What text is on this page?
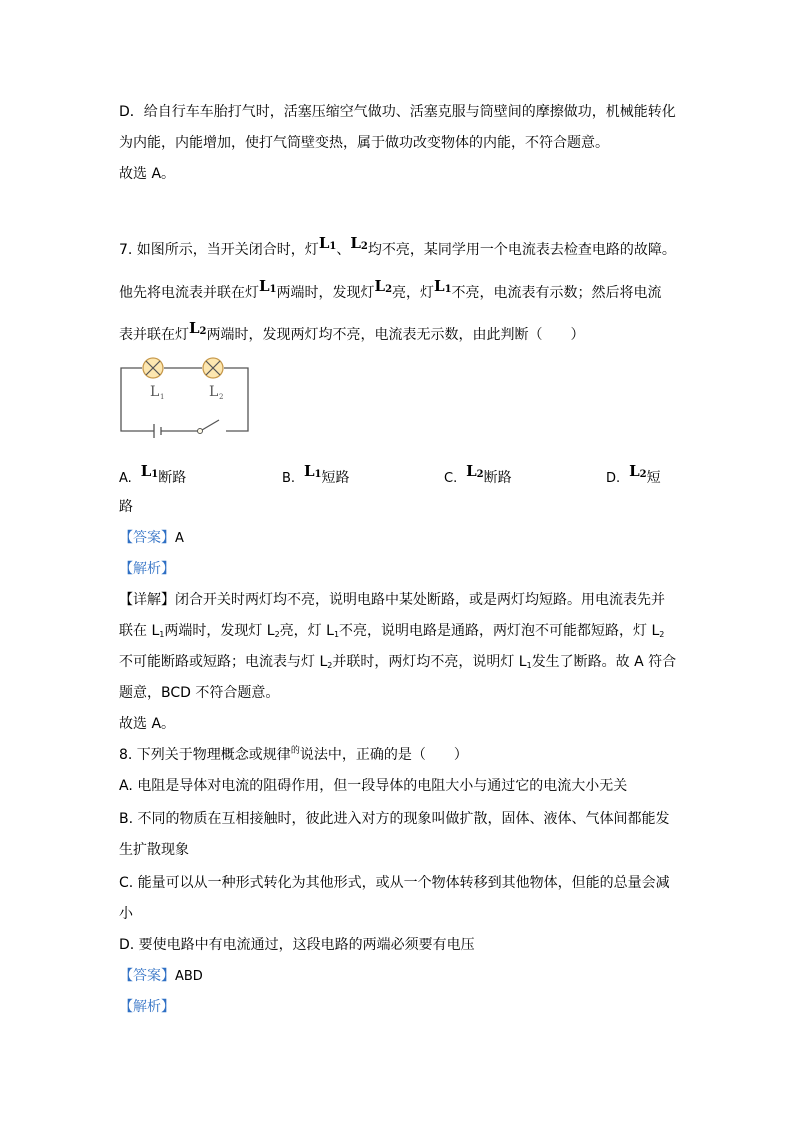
D．给自行车车胎打气时，活塞压缩空气做功、活塞克服与筒壁间的摩擦做功，机械能转化
为内能，内能增加，使打气筒壁变热，属于做功改变物体的内能，不符合题意。
故选 A。
7. 如图所示，当开关闭合时，灯$L_1$、$L_2$均不亮，某同学用一个电流表去检查电路的故障。
他先将电流表并联在灯$L_1$两端时，发现灯$L_2$亮，灯$L_1$不亮，电流表有示数；然后将电流
表并联在灯$L_2$两端时，发现两灯均不亮，电流表无示数，由此判断（　　）
L 1	L 2
A. $L_1$断路	B. $L_1$短路	C. $L_2$断路	D. $L_2$短
路
【答案】A
【解析】
【详解】闭合开关时两灯均不亮，说明电路中某处断路，或是两灯均短路。用电流表先并
联在 $L_1$两端时，发现灯 $L_2$亮，灯 $L_1$不亮，说明电路是通路，两灯泡不可能都短路，灯 $L_2$
不可能断路或短路；电流表与灯 $L_2$并联时，两灯均不亮，说明灯 $L_1$发生了断路。故 A 符合
题意，BCD 不符合题意。
故选 A。
8. 下列关于物理概念或规律$^的$说法中，正确的是（　　）
A. 电阻是导体对电流的阻碍作用，但一段导体的电阻大小与通过它的电流大小无关
B. 不同的物质在互相接触时，彼此进入对方的现象叫做扩散，固体、液体、气体间都能发
生扩散现象
C. 能量可以从一种形式转化为其他形式，或从一个物体转移到其他物体，但能的总量会减
小
D. 要使电路中有电流通过，这段电路的两端必须要有电压
【答案】ABD
【解析】
